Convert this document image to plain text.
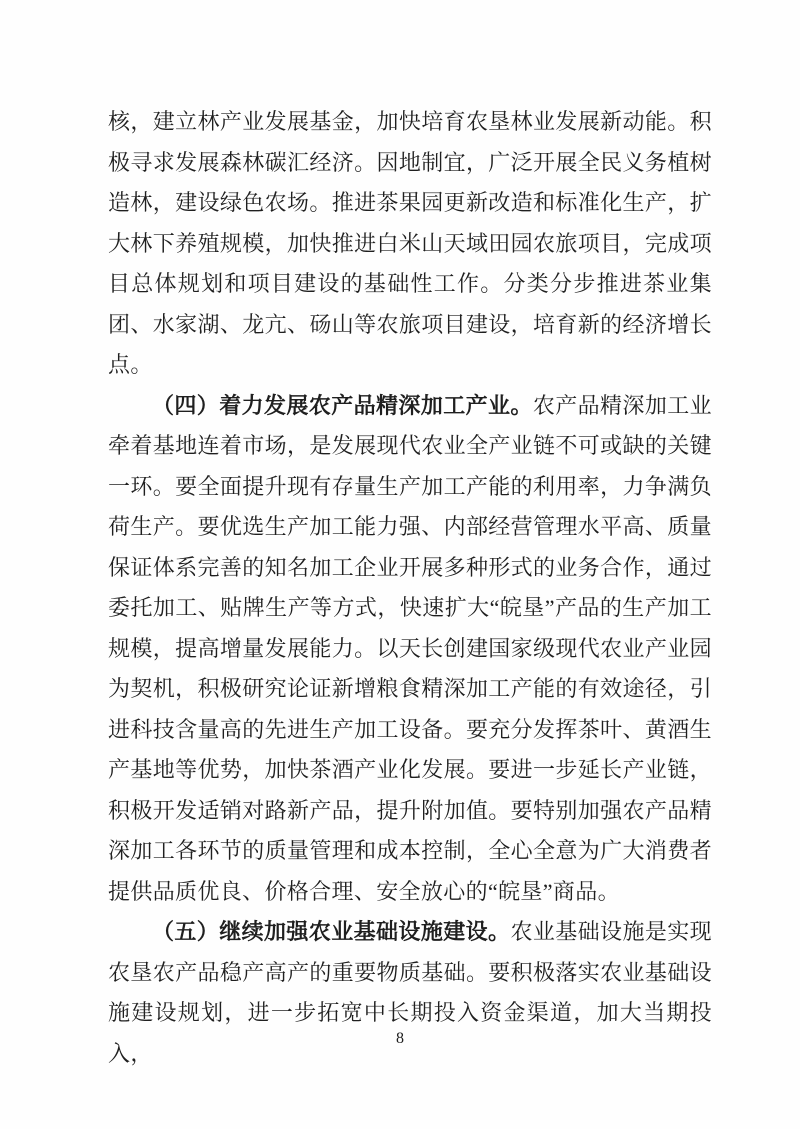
核，建立林产业发展基金，加快培育农垦林业发展新动能。积极寻求发展森林碳汇经济。因地制宜，广泛开展全民义务植树造林，建设绿色农场。推进茶果园更新改造和标准化生产，扩大林下养殖规模，加快推进白米山天域田园农旅项目，完成项目总体规划和项目建设的基础性工作。分类分步推进茶业集团、水家湖、龙亢、砀山等农旅项目建设，培育新的经济增长点。

（四）着力发展农产品精深加工产业。农产品精深加工业牵着基地连着市场，是发展现代农业全产业链不可或缺的关键一环。要全面提升现有存量生产加工产能的利用率，力争满负荷生产。要优选生产加工能力强、内部经营管理水平高、质量保证体系完善的知名加工企业开展多种形式的业务合作，通过委托加工、贴牌生产等方式，快速扩大“皖垦”产品的生产加工规模，提高增量发展能力。以天长创建国家级现代农业产业园为契机，积极研究论证新增粮食精深加工产能的有效途径，引进科技含量高的先进生产加工设备。要充分发挥茶叶、黄酒生产基地等优势，加快茶酒产业化发展。要进一步延长产业链，积极开发适销对路新产品，提升附加值。要特别加强农产品精深加工各环节的质量管理和成本控制，全心全意为广大消费者提供品质优良、价格合理、安全放心的“皖垦”商品。

（五）继续加强农业基础设施建设。农业基础设施是实现农垦农产品稳产高产的重要物质基础。要积极落实农业基础设施建设规划，进一步拓宽中长期投入资金渠道，加大当期投入，

8
